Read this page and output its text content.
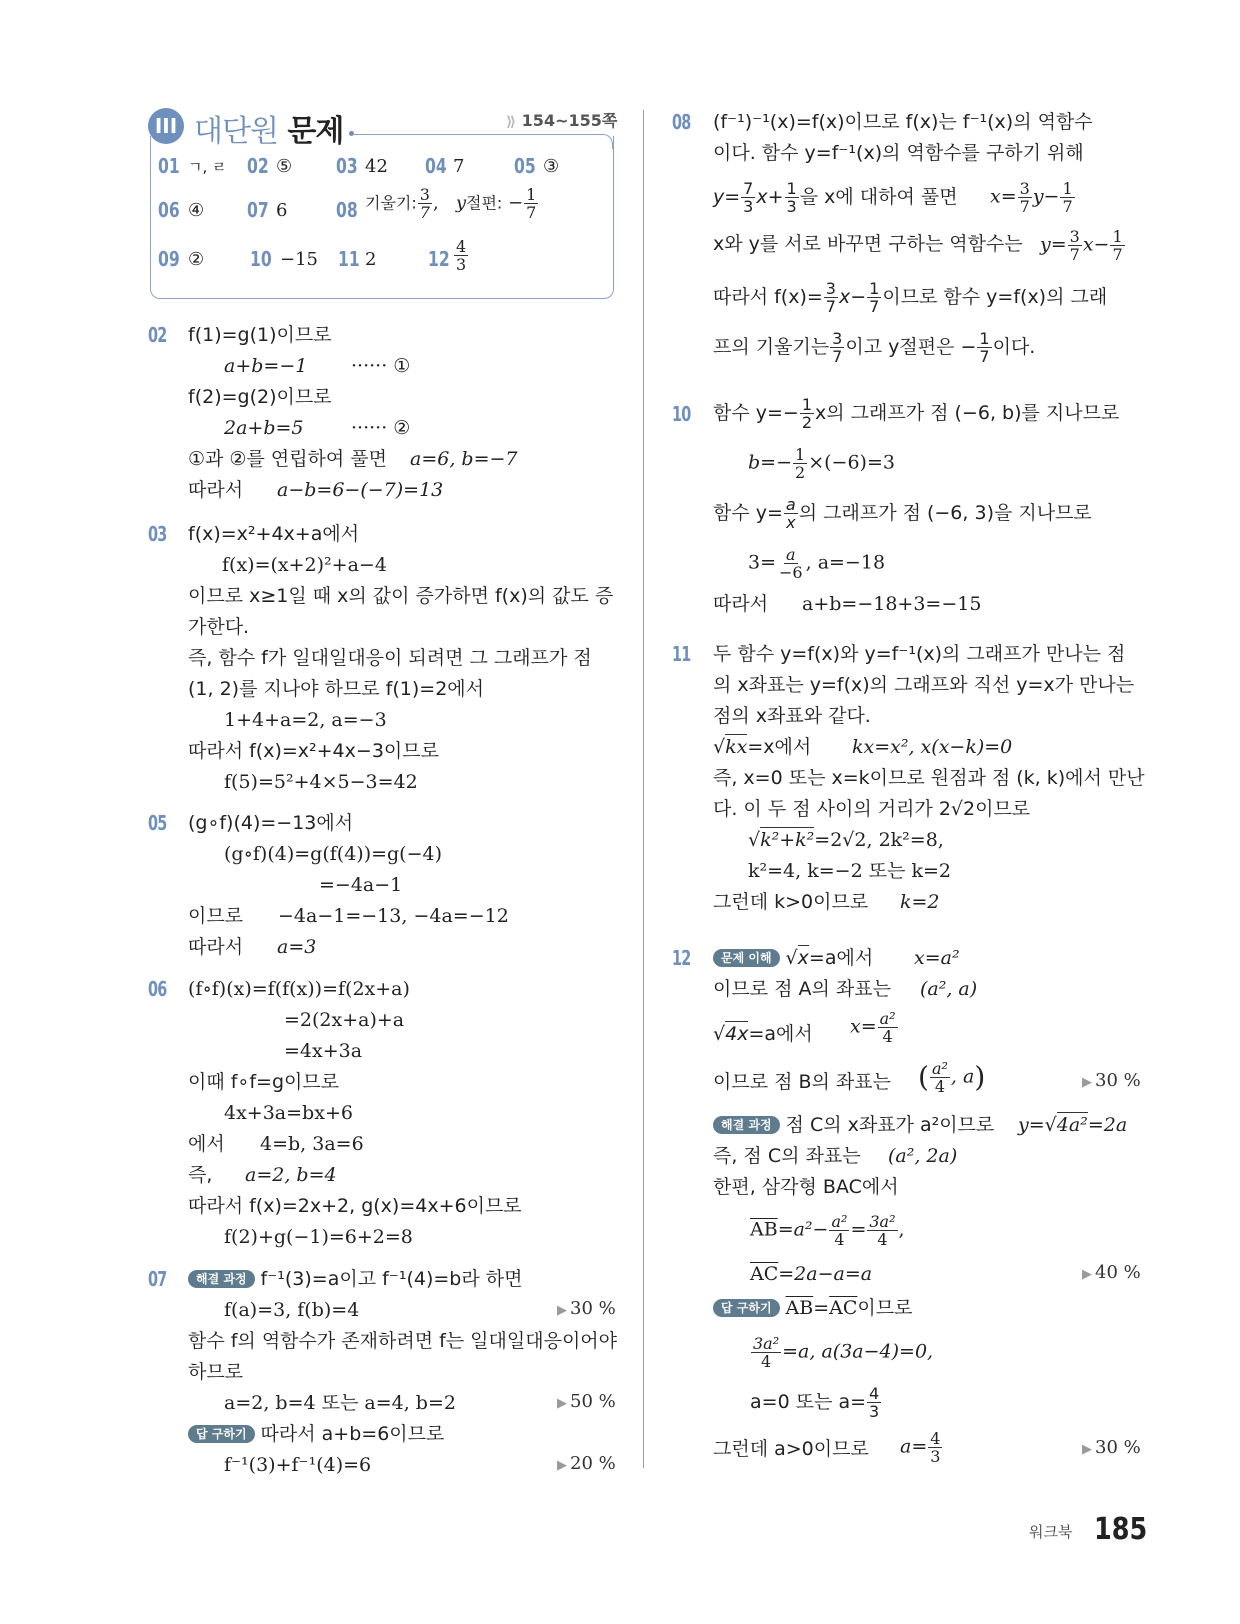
III 대단원 문제	⟫ 154~155쪽
01 ㄱ, ㄹ 02 ⑤ 03 42 04 7 05 ③
06 ④ 07 6 08 기울기: $\frac{3}{7}$ ,   y절편: − $\frac{1}{7}$
09 ② 10 −15 11 2	$12 \frac{4}{3}$
02 f(1)=g(1)이므로
a+b=−1 ······ ①
f(2)=g(2)이므로
2a+b=5 ······ ②
①과 ②를 연립하여 풀면 a=6, b=−7
따라서 a−b=6−(−7)=13
03 f(x)=x²+4x+a에서
f(x)=(x+2)²+a−4
이므로 x≥1일 때 x의 값이 증가하면 f(x)의 값도 증
가한다.
즉, 함수 f가 일대일대응이 되려면 그 그래프가 점
(1, 2)를 지나야 하므로 f(1)=2에서
1+4+a=2, a=−3
따라서 f(x)=x²+4x−3이므로
f(5)=5²+4×5−3=42
05 (g∘f)(4)=−13에서
(g∘f)(4)=g(f(4))=g(−4)
=−4a−1
이므로 −4a−1=−13, −4a=−12
따라서 a=3
06 (f∘f)(x)=f(f(x))=f(2x+a)
=2(2x+a)+a
=4x+3a
이때 f∘f=g이므로
4x+3a=bx+6
에서 4=b, 3a=6
즉, a=2, b=4
따라서 f(x)=2x+2, g(x)=4x+6이므로
f(2)+g(−1)=6+2=8
07	해결 과정 f⁻¹(3)=a이고 f⁻¹(4)=b라 하면
f(a)=3, f(b)=4	▶ 30 %
함수 f의 역함수가 존재하려면 f는 일대일대응이어야
하므로
a=2, b=4 또는 a=4, b=2	▶ 50 %
답 구하기 따라서 a+b=6이므로
f⁻¹(3)+f⁻¹(4)=6	▶ 20 %
08 (f⁻¹)⁻¹(x)=f(x)이므로 f(x)는 f⁻¹(x)의 역함수
이다. 함수 y=f⁻¹(x)의 역함수를 구하기 위해
$y= \frac{7}{3} x+ \frac{1}{3}$ 을 x에 대하여 풀면 $x= \frac{3}{7} y- \frac{1}{7}$
x와 y를 서로 바꾸면 구하는 역함수는 $y= \frac{3}{7} x- \frac{1}{7}$
따라서 $f(x)= \frac{3}{7} x- \frac{1}{7}$ 이므로 함수 y=f(x)의 그래
프의 기울기는 $\frac{3}{7}$ 이고 y절편은 − $\frac{1}{7}$ 이다.
10 함수 $y=- \frac{1}{2}$ x의 그래프가 점 (−6, b)를 지나므로
$b=- \frac{1}{2} \times(-6)=3$
함수 $y= \frac{a}{x}$ 의 그래프가 점 (−6, 3)을 지나므로
$3= \frac{a}{-6}$ , a=−18
따라서 a+b=−18+3=−15
11 두 함수 y=f(x)와 y=f⁻¹(x)의 그래프가 만나는 점
의 x좌표는 y=f(x)의 그래프와 직선 y=x가 만나는
점의 x좌표와 같다.
√kx=x에서 kx=x², x(x−k)=0
즉, x=0 또는 x=k이므로 원점과 점 (k, k)에서 만난
다. 이 두 점 사이의 거리가 2√2이므로
√k²+k²=2√2, 2k²=8,
k²=4, k=−2 또는 k=2
그런데 k>0이므로 k=2
12	문제 이해 √x=a에서 x=a²
이므로 점 A의 좌표는 (a², a)
√4x=a에서 $x= \frac{\text{a²}}{4}$
이므로 점 B의 좌표는 ( $\frac{\text{a²}}{4}$ , a)	▶ 30 %
해결 과정 점 C의 x좌표가 a²이므로 y=√4a²=2a
즉, 점 C의 좌표는 (a², 2a)
한편, 삼각형 BAC에서
$\overline{AB}=a^2- \frac{\text{a²}}{4} = \frac{\text{3a²}}{4}$ ,
$\overline{AC}=2a-a=a$	▶ 40 %
답 구하기 $\overline{AB}=\overline{AC}$이므로
$\frac{\text{3a²}}{4} =a$, a(3a−4)=0,
a=0 또는 $a= \frac{4}{3}$
그런데 a>0이므로 $a= \frac{4}{3}$	▶ 30 %
워크북 185
